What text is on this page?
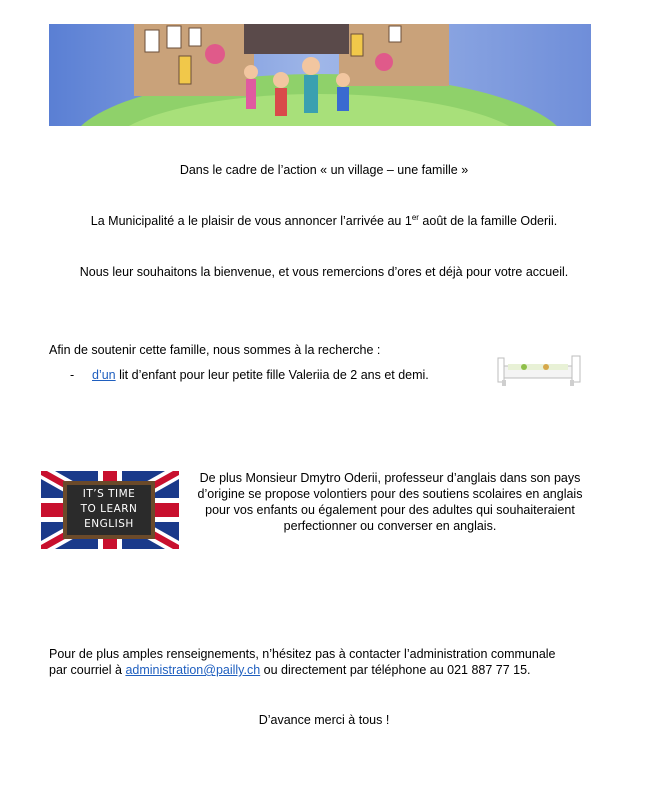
Dans le cadre de l’action « un village – une famille »
La Municipalité a le plaisir de vous annoncer l’arrivée au 1er août de la famille Oderii.
Nous leur souhaitons la bienvenue, et vous remercions d’ores et déjà pour votre accueil.
Afin de soutenir cette famille, nous sommes à la recherche :
- d’un lit d’enfant pour leur petite fille Valeriia de 2 ans et demi.
IT’S TIME
TO LEARN
ENGLISH
De plus Monsieur Dmytro Oderii, professeur d’anglais dans son pays d’origine se propose volontiers pour des soutiens scolaires en anglais pour vos enfants ou également pour des adultes qui souhaiteraient perfectionner ou converser en anglais.
Pour de plus amples renseignements, n’hésitez pas à contacter l’administration communale
par courriel à administration@pailly.ch ou directement par téléphone au 021 887 77 15.
D’avance merci à tous !
